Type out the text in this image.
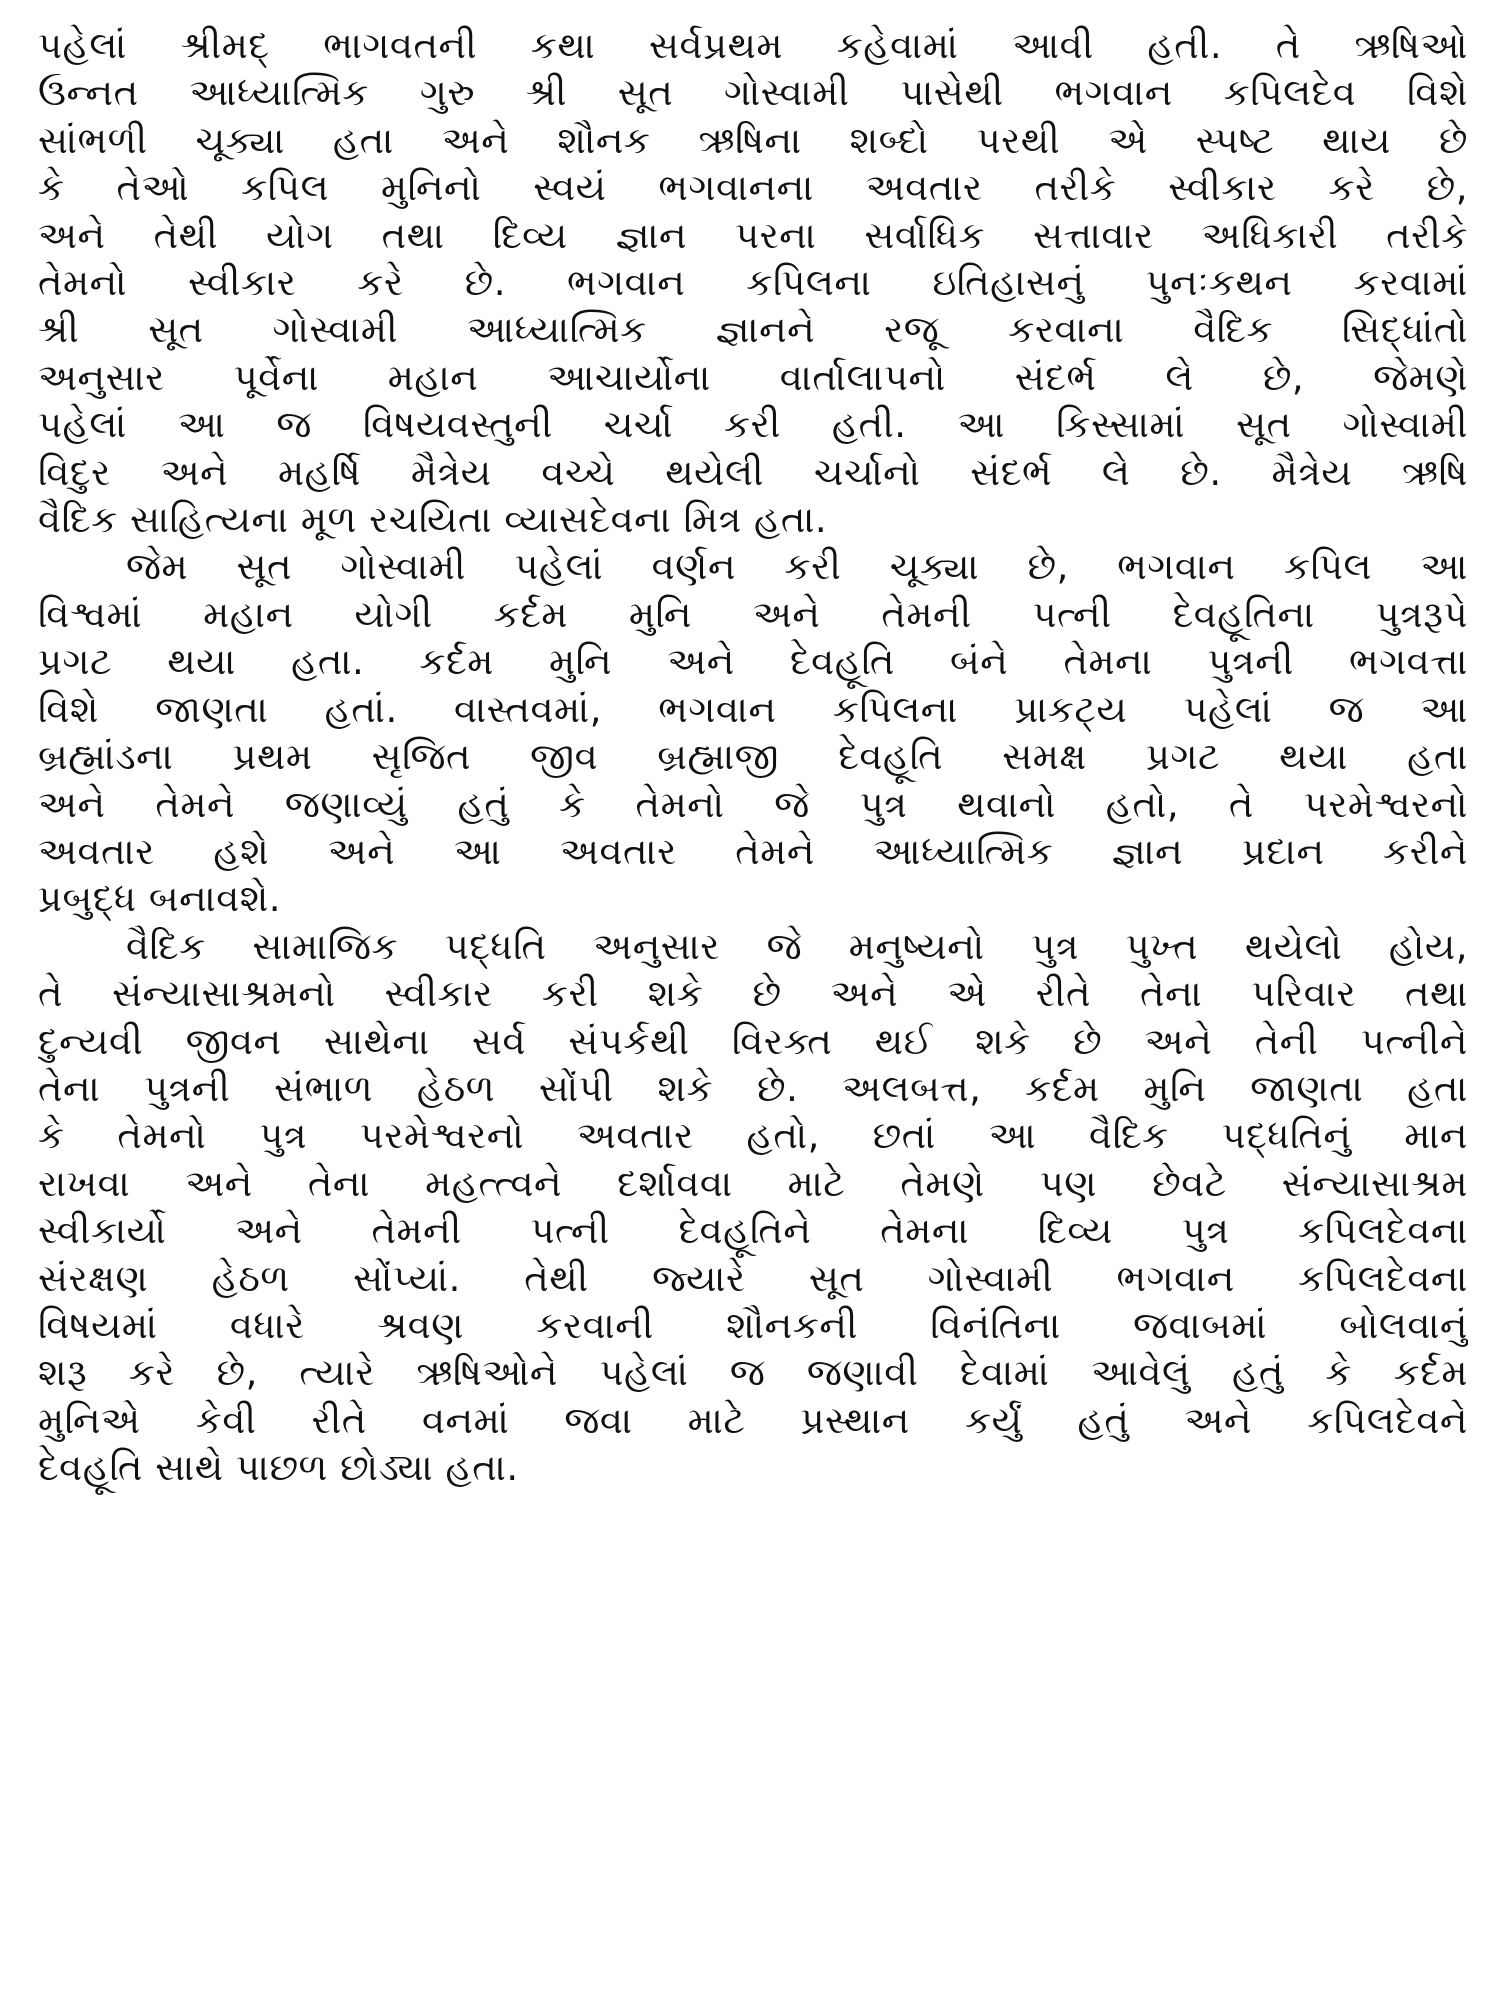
પહેલાં શ્રીમદ્ ભાગવતની કથા સર્વપ્રથમ કહેવામાં આવી હતી. તે ઋષિઓ
ઉન્નત આધ્યાત્મિક ગુરુ શ્રી સૂત ગોસ્વામી પાસેથી ભગવાન કપિલદેવ વિશે
સાંભળી ચૂક્યા હતા અને શૌનક ઋષિના શબ્દો પરથી એ સ્પષ્ટ થાય છે
કે તેઓ કપિલ મુનિનો સ્વયં ભગવાનના અવતાર તરીકે સ્વીકાર કરે છે,
અને તેથી યોગ તથા દિવ્ય જ્ઞાન પરના સર્વાધિક સત્તાવાર અધિકારી તરીકે
તેમનો સ્વીકાર કરે છે. ભગવાન કપિલના ઇતિહાસનું પુનઃકથન કરવામાં
શ્રી સૂત ગોસ્વામી આધ્યાત્મિક જ્ઞાનને રજૂ કરવાના વૈદિક સિદ્ધાંતો
અનુસાર પૂર્વેના મહાન આચાર્યોના વાર્તાલાપનો સંદર્ભ લે છે, જેમણે
પહેલાં આ જ વિષયવસ્તુની ચર્ચા કરી હતી. આ કિસ્સામાં સૂત ગોસ્વામી
વિદુર અને મહર્ષિ મૈત્રેય વચ્ચે થયેલી ચર્ચાનો સંદર્ભ લે છે. મૈત્રેય ઋષિ
વૈદિક સાહિત્યના મૂળ રચયિતા વ્યાસદેવના મિત્ર હતા.
જેમ સૂત ગોસ્વામી પહેલાં વર્ણન કરી ચૂક્યા છે, ભગવાન કપિલ આ
વિશ્વમાં મહાન યોગી કર્દમ મુનિ અને તેમની પત્ની દેવહૂતિના પુત્રરૂપે
પ્રગટ થયા હતા. કર્દમ મુનિ અને દેવહૂતિ બંને તેમના પુત્રની ભગવત્તા
વિશે જાણતા હતાં. વાસ્તવમાં, ભગવાન કપિલના પ્રાકટ્ય પહેલાં જ આ
બ્રહ્માંડના પ્રથમ સૃજિત જીવ બ્રહ્માજી દેવહૂતિ સમક્ષ પ્રગટ થયા હતા
અને તેમને જણાવ્યું હતું કે તેમનો જે પુત્ર થવાનો હતો, તે પરમેશ્વરનો
અવતાર હશે અને આ અવતાર તેમને આધ્યાત્મિક જ્ઞાન પ્રદાન કરીને
પ્રબુદ્ધ બનાવશે.
વૈદિક સામાજિક પદ્ધતિ અનુસાર જે મનુષ્યનો પુત્ર પુખ્ત થયેલો હોય,
તે સંન્યાસાશ્રમનો સ્વીકાર કરી શકે છે અને એ રીતે તેના પરિવાર તથા
દુન્યવી જીવન સાથેના સર્વ સંપર્કથી વિરક્ત થઈ શકે છે અને તેની પત્નીને
તેના પુત્રની સંભાળ હેઠળ સોંપી શકે છે. અલબત્ત, કર્દમ મુનિ જાણતા હતા
કે તેમનો પુત્ર પરમેશ્વરનો અવતાર હતો, છતાં આ વૈદિક પદ્ધતિનું માન
રાખવા અને તેના મહત્ત્વને દર્શાવવા માટે તેમણે પણ છેવટે સંન્યાસાશ્રમ
સ્વીકાર્યો અને તેમની પત્ની દેવહૂતિને તેમના દિવ્ય પુત્ર કપિલદેવના
સંરક્ષણ હેઠળ સોંપ્યાં. તેથી જ્યારે સૂત ગોસ્વામી ભગવાન કપિલદેવના
વિષયમાં વધારે શ્રવણ કરવાની શૌનકની વિનંતિના જવાબમાં બોલવાનું
શરૂ કરે છે, ત્યારે ઋષિઓને પહેલાં જ જણાવી દેવામાં આવેલું હતું કે કર્દમ
મુનિએ કેવી રીતે વનમાં જવા માટે પ્રસ્થાન કર્યું હતું અને કપિલદેવને
દેવહૂતિ સાથે પાછળ છોડ્યા હતા.
